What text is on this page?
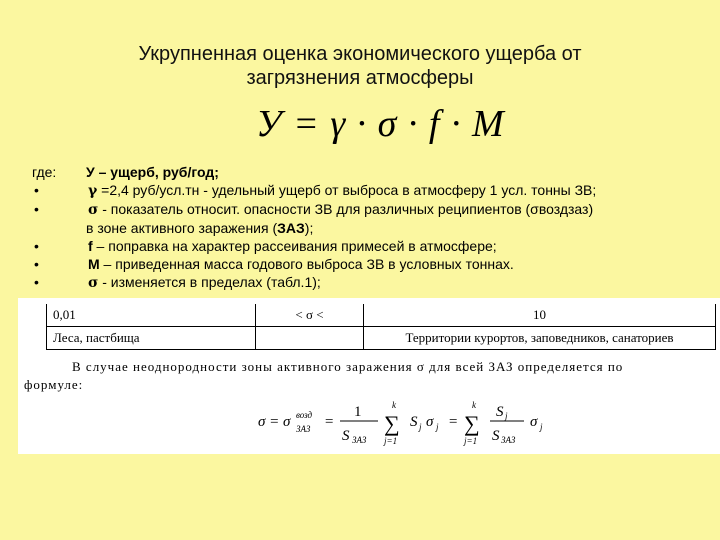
Укрупненная оценка экономического ущерба от
загрязнения атмосферы
У = γ · σ · f · M
где:	У – ущерб, руб/год;
•	γ =2,4 руб/усл.тн - удельный ущерб от выброса в атмосферу 1 усл. тонны ЗВ;
•	σ - показатель относит. опасности ЗВ для различных реципиентов (σвоздзаз)
в зоне активного заражения ( ЗАЗ );
•	f – поправка на характер рассеивания примесей в атмосфере;
•	М – приведенная масса годового выброса ЗВ в условных тоннах.
•	σ - изменяется в пределах (табл.1);
0,01	< σ <	10
Леса, пастбища		Территории курортов, заповедников, санаториев
В случае неоднородности зоны активного заражения σ для всей ЗАЗ определяется по
формуле:
σ = σ возд
ЗАЗ =
1
S ЗАЗ
k
∑
j=1
S j σ j =
k
∑
j=1
S j
S ЗАЗ
σ j
